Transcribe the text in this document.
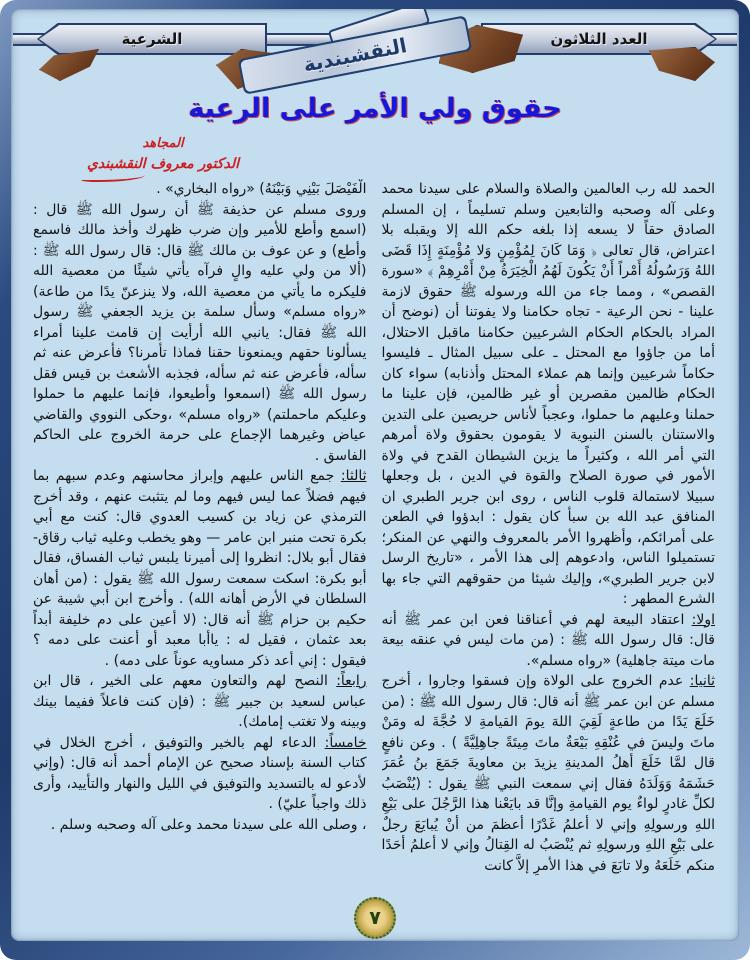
العدد الثلاثون
الشرعية	النقشبندية
حقوق ولي الأمر على الرعية

المجاهد

الدكتور معروف النقشبندي

الحمد لله رب العالمين والصلاة والسلام على سيدنا محمد وعلى آله وصحبه والتابعين وسلم تسليماً ، إن المسلم الصادق حقاً لا يسعه إذا بلغه حكم الله إلا ويقبله بلا اعتراض، قال تعالى ﴿ وَمَا كَانَ لِمُؤْمِنٍ وَلا مُؤْمِنَةٍ إِذَا قَضَى اللهُ وَرَسُولُهُ أَمْراً أَنْ يَكُونَ لَهُمُ الْخِيَرَةُ مِنْ أَمْرِهِمْ ﴾ «سورة القصص» ، ومما جاء من الله ورسوله ﷺ حقوق لازمة علينا - نحن الرعية - تجاه حكامنا ولا يفوتنا أن (نوضح أن المراد بالحكام الحكام الشرعيين حكامنا ماقبل الاحتلال، أما من جاؤوا مع المحتل ـ على سبيل المثال ـ فليسوا حكاماً شرعيين وإنما هم عملاء المحتل وأذنابه) سواء كان الحكام ظالمين مقصرين أو غير ظالمين، فإن علينا ما حملنا وعليهم ما حملوا، وعجباً لأناس حريصين على التدين والاستنان بالسنن النبوية لا يقومون بحقوق ولاة أمرهم التي أمر الله ، وكثيراً ما يزين الشيطان القدح في ولاة الأمور في صورة الصلاح والقوة في الدين ، بل وجعلها سبيلا لاستمالة قلوب الناس ، روى ابن جرير الطبري ان المنافق عبد الله بن سبأ كان يقول : ابدؤوا في الطعن على أمرائكم، وأظهروا الأمر بالمعروف والنهي عن المنكر؛ تستميلوا الناس، وادعوهم إلى هذا الأمر ، «تاريخ الرسل لابن جرير الطبري»، وإليك شيئا من حقوقهم التي جاء بها الشرع المطهر :

اولا: اعتقاد البيعة لهم في أعناقنا فعن ابن عمر ﷺ أنه قال: قال رسول الله ﷺ : (من مات ليس في عنقه بيعة مات ميتة جاهلية) «رواه مسلم».

ثانيا: عدم الخروج على الولاة وإن فسقوا وجاروا ، أخرج مسلم عن ابن عمر ﷺ أنه قال: قال رسول الله ﷺ : (من خَلَعَ يَدًا من طاعةٍ لَقِيَ اللهَ يومَ القيامةِ لا حُجَّةَ له ومَنْ ماتَ وليسَ في عُنْقِهِ بَيْعَةٌ ماتَ مِيتَةً جاهِلِيَّةً ) . وعن نافعٍ قال لمَّا خَلَعَ أهلُ المدينةِ يزيدَ بن معاويةَ جَمَعَ بنُ عُمَرَ حَشَمَهُ وَوَلَدَهُ فقال إني سمعت النبي ﷺ يقول : (يُنْصَبُ لكلِّ غادرٍ لواءٌ يوم القيامةِ وإنَّا قد بايَعْنا هذا الرَّجُلَ على بَيْعِ اللهِ ورسولِهِ وإني لا أعلمُ غَدْرًا أعظمَ من أنْ يُبايَعَ رجلٌ على بَيْعِ اللهِ ورسولِهِ ثم يُنْصَبُ له القِتالُ وإني لا أعلمُ أحَدًا منكم خَلَعَهُ ولا تابَعَ في هذا الأمرِ إلاَّ كانت

الْفَيْصَلَ بَيْنِي وَبَيْنَهُ) «رواه البخاري» .

وروى مسلم عن حذيفة ﷺ أن رسول الله ﷺ قال : (اسمع وأطع للأمير وإن ضرب ظهرك وأخذ مالك فاسمع وأطع) و عن عوف بن مالك ﷺ قال: قال رسول الله ﷺ : (ألا من ولي عليه والٍ فرآه يأتي شيئًا من معصية الله فليكره ما يأتي من معصية الله، ولا ينزعنّ يدًا من طاعة) «رواه مسلم» وسأل سلمة بن يزيد الجعفي ﷺ رسول الله ﷺ فقال: يانبي الله أرأيت إن قامت علينا أمراء يسألونا حقهم ويمنعونا حقنا فماذا تأمرنا؟ فأعرض عنه ثم سأله، فأعرض عنه ثم سأله، فجذبه الأشعث بن قيس فقل رسول الله ﷺ (اسمعوا وأطيعوا، فإنما عليهم ما حملوا وعليكم ماحملتم) «رواه مسلم» ،وحكى النووي والقاضي عياض وغيرهما الإجماع على حرمة الخروج على الحاكم الفاسق .

ثالثا: جمع الناس عليهم وإبراز محاسنهم وعدم سبهم بما فيهم فضلاً عما ليس فيهم وما لم يتثبت عنهم ، وقد أخرج الترمذي عن زياد بن كسيب العدوي قال: كنت مع أبي بكرة تحت منبر ابن عامر — وهو يخطب وعليه ثياب رقاق- فقال أبو بلال: انظروا إلى أميرنا يلبس ثياب الفساق، فقال أبو بكرة: اسكت سمعت رسول الله ﷺ يقول : (من أهان السلطان في الأرض أهانه الله) . وأخرج ابن أبي شيبة عن حكيم بن حزام ﷺ أنه قال: (لا أعين على دم خليفة أبداً بعد عثمان ، فقيل له : ياأبا معبد أو أعنت على دمه ؟ فيقول : إني أعد ذكر مساويه عوناً على دمه) .

رابعاً: النصح لهم والتعاون معهم على الخير ، قال ابن عباس لسعيد بن جبير ﷺ : (فإن كنت فاعلاً ففيما بينك وبينه ولا تغتب إمامك).

خامساً: الدعاء لهم بالخير والتوفيق ، أخرج الخلال في كتاب السنة بإسناد صحيح عن الإمام أحمد أنه قال: (وإني لأدعو له بالتسديد والتوفيق في الليل والنهار والتأييد، وأرى ذلك واجباً عليّ) .

، وصلى الله على سيدنا محمد وعلى آله وصحبه وسلم .

٧
